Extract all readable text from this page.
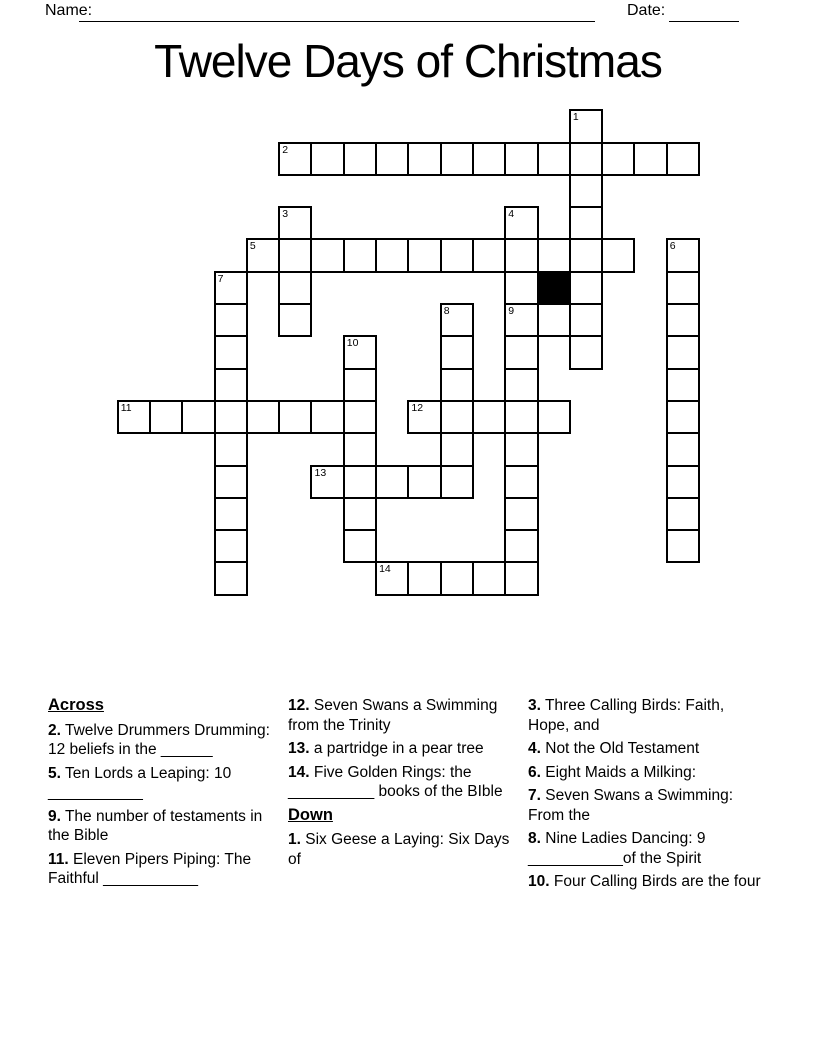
Name:	Date:
Twelve Days of Christmas
1
2
3	4
9
5	6
7
8
10
11	12
13
14

Across

2. Twelve Drummers Drumming: 12 beliefs in the ______

5. Ten Lords a Leaping: 10 ___________

9. The number of testaments in the Bible

11. Eleven Pipers Piping: The Faithful ___________

12. Seven Swans a Swimming from the Trinity

13. a partridge in a pear tree

14. Five Golden Rings: the __________ books of the BIble

Down

1. Six Geese a Laying: Six Days of

3. Three Calling Birds: Faith, Hope, and

4. Not the Old Testament

6. Eight Maids a Milking:

7. Seven Swans a Swimming: From the

8. Nine Ladies Dancing: 9 ___________of the Spirit

10. Four Calling Birds are the four
